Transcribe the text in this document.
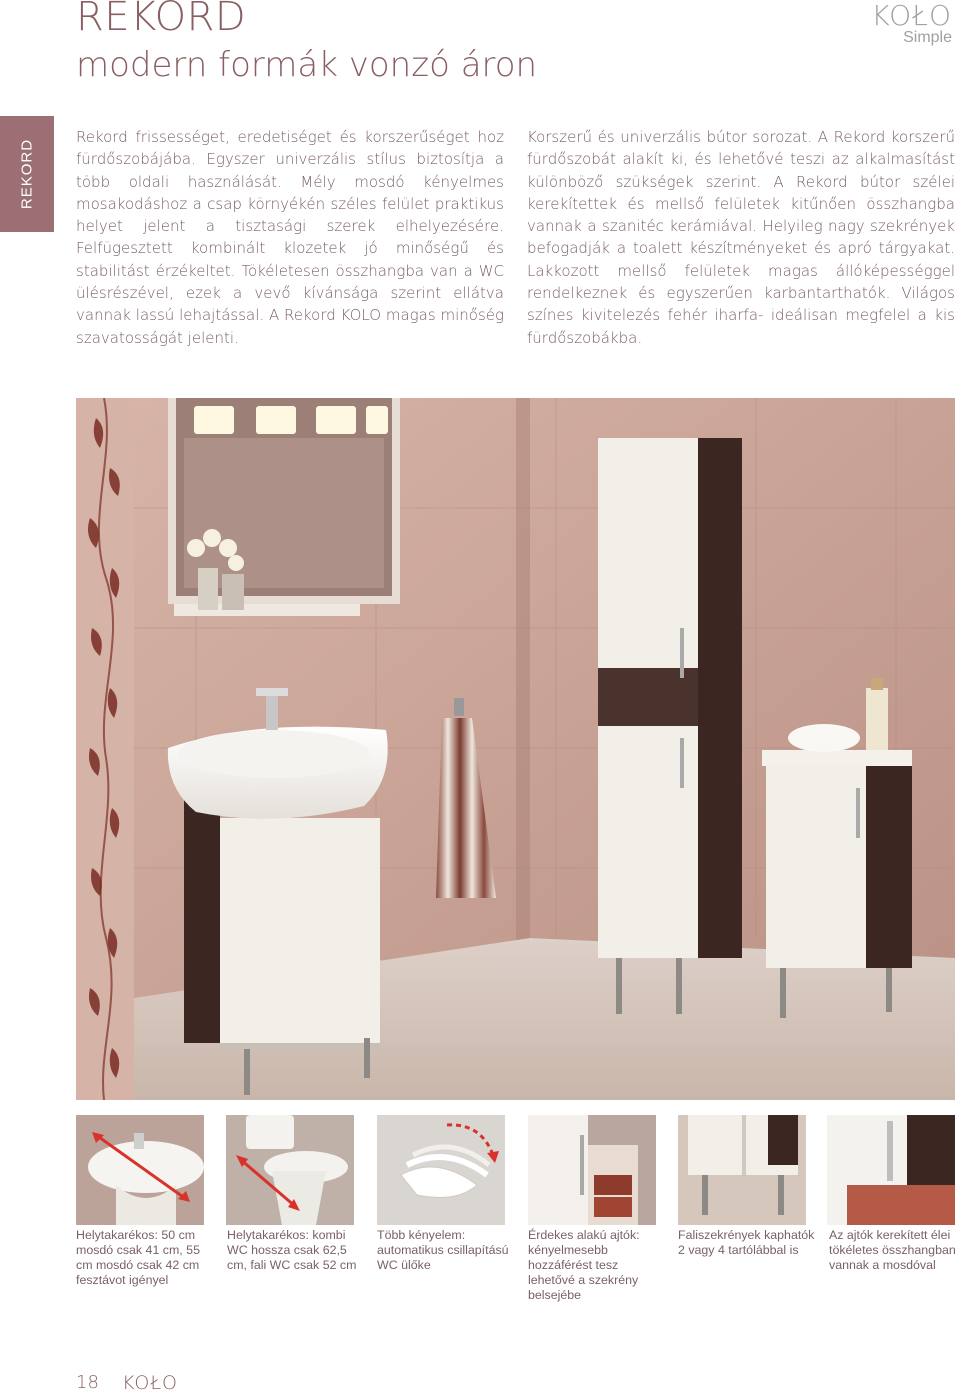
REKORD
modern formák vonzó áron
KOŁO
Simple
REKORD
Rekord frissességet, eredetiséget és korszerűséget hoz fürdőszobájába. Egyszer univerzális stílus biztosítja a több oldali használását. Mély mosdó kényelmes mosakodáshoz a csap környékén széles felület praktikus helyet jelent a tisztasági szerek elhelyezésére. Felfügesztett kombinált klozetek jó minőségű és stabilitást érzékeltet. Tökéletesen összhangba van a WC ülésrészével, ezek a vevő kívánsága szerint ellátva vannak lassú lehajtással. A Rekord KOLO magas minőség szavatosságát jelenti.
Korszerű és univerzális bútor sorozat. A Rekord korszerű fürdőszobát alakít ki, és lehetővé teszi az alkalmasítást különböző szükségek szerint. A Rekord bútor szélei kerekítettek és mellső felületek kitűnően összhangba vannak a szanitéc kerámiával. Helyileg nagy szekrények befogadják a toalett készítményeket és apró tárgyakat. Lakkozott mellső felületek magas állóképességgel rendelkeznek és egyszerűen karbantarthatók. Világos színes kivitelezés fehér iharfa- ideálisan megfelel a kis fürdőszobákba.
Helytakarékos: 50 cm mosdó csak 41 cm, 55 cm mosdó csak 42 cm fesztávot igényel
Helytakarékos: kombi WC hossza csak 62,5 cm, fali WC csak 52 cm
Több kényelem: automatikus csillapítású WC ülőke
Érdekes alakú ajtók: kényelmesebb hozzáférést tesz lehetővé a szekrény belsejébe
Faliszekrények kaphatók 2 vagy 4 tartólábbal is
Az ajtók kerekített élei tökéletes összhangban vannak a mosdóval
18 KOŁO
